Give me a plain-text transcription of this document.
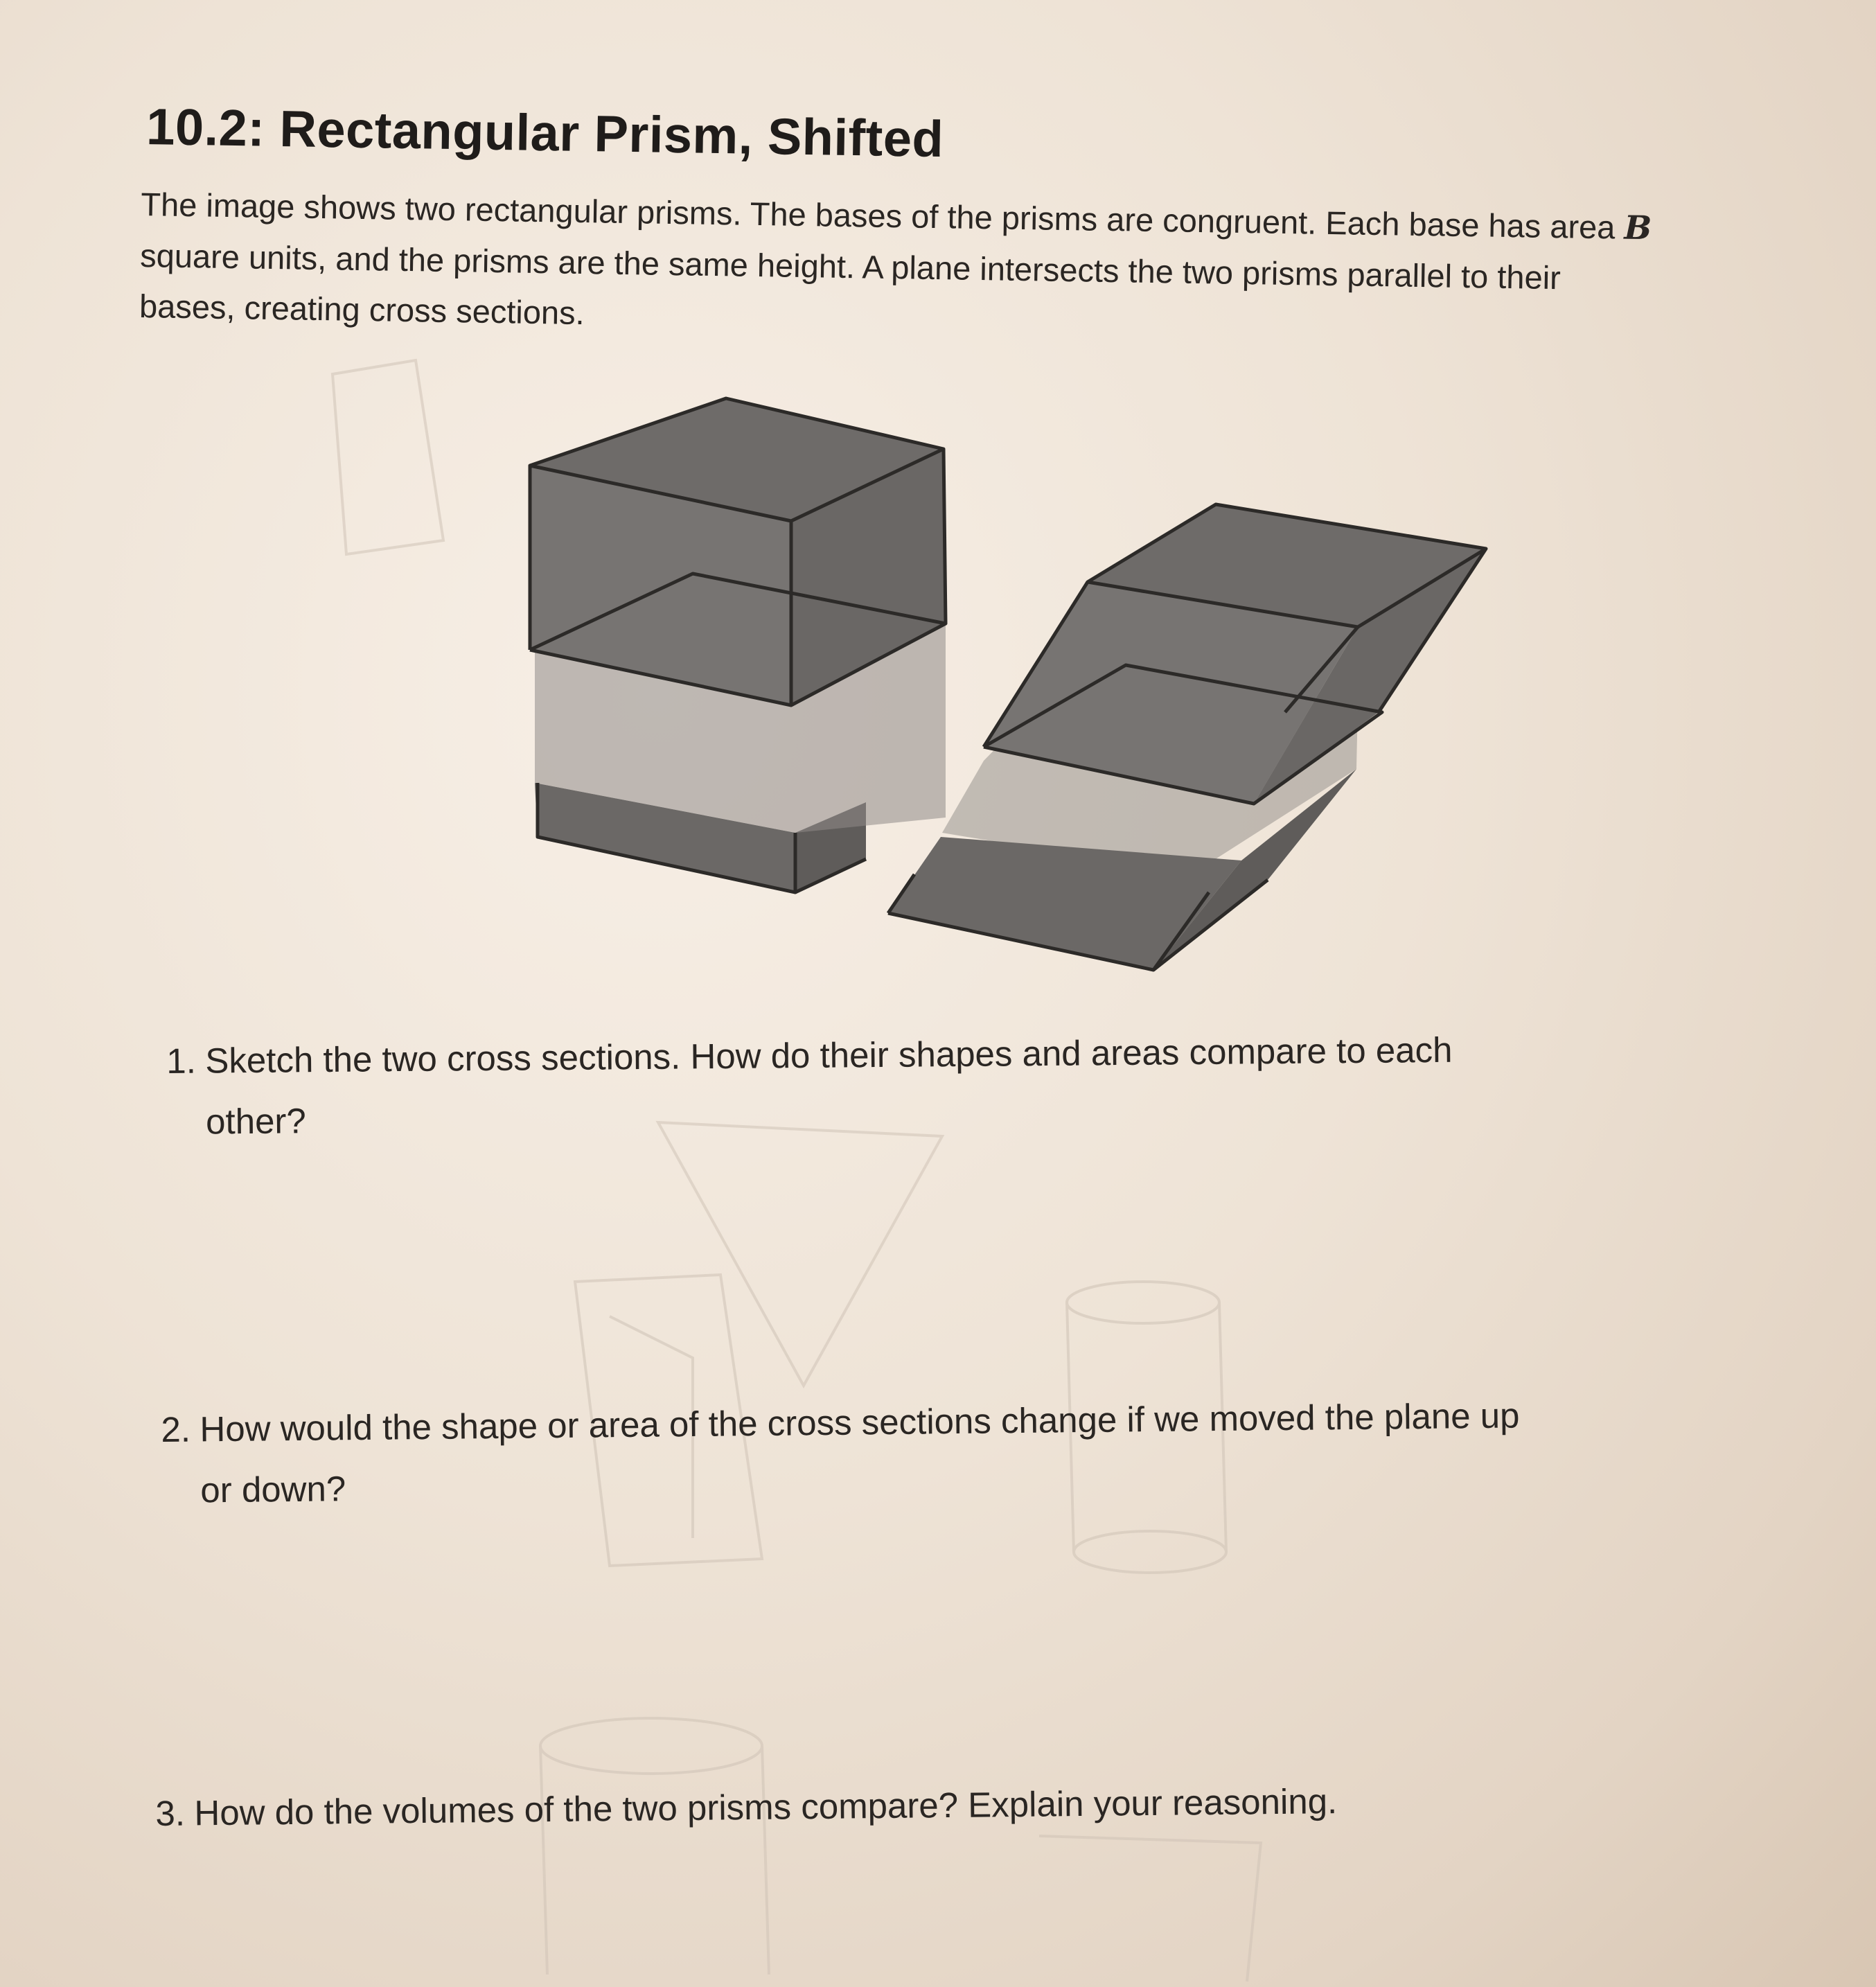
10.2: Rectangular Prism, Shifted
The image shows two rectangular prisms. The bases of the prisms are congruent. Each base has area B square units, and the prisms are the same height. A plane intersects the two prisms parallel to their bases, creating cross sections.
1. Sketch the two cross sections. How do their shapes and areas compare to each
other?
2. How would the shape or area of the cross sections change if we moved the plane up
or down?
3. How do the volumes of the two prisms compare? Explain your reasoning.
